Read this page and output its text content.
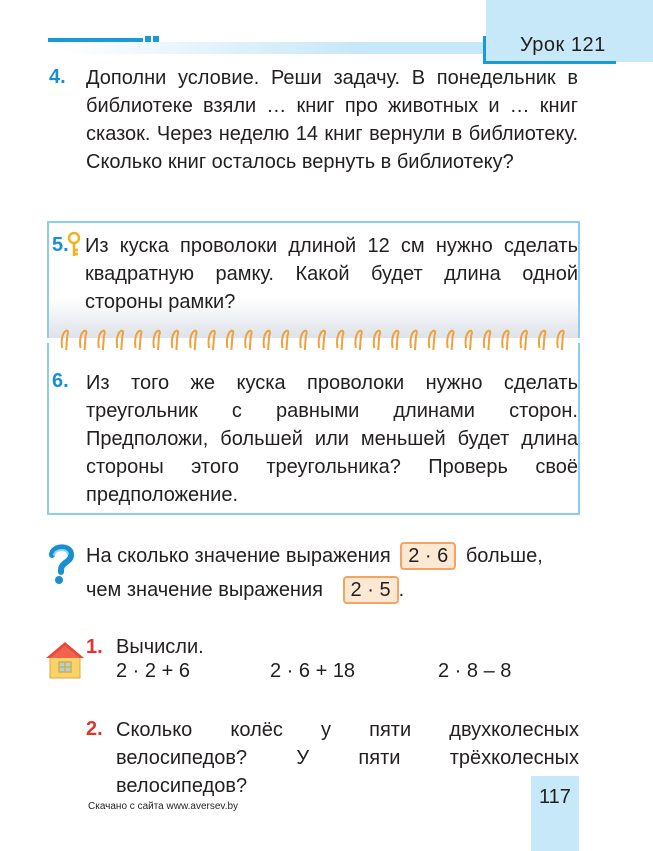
Урок 121
4. Дополни условие. Реши задачу. В понедельник в библиотеке взяли … книг про животных и … книг сказок. Через неделю 14 книг вернули в библиотеку. Сколько книг осталось вернуть в библиотеку?

5. Из куска проволоки длиной 12 см нужно сделать квадратную рамку. Какой будет длина одной стороны рамки?

6. Из того же куска проволоки нужно сделать треугольник с равными длинами сторон. Предположи, большей или меньшей будет длина стороны этого треугольника? Проверь своё предположение.

На сколько значение выражения 2 · 6 больше,
чем значение выражения 2 · 5 .
1. Вычисли.
2 · 2 + 6	2 · 6 + 18	2 · 8 – 8
2. Сколько колёс у пяти двухколесных велосипедов? У пяти трёхколесных велосипедов?	117
Скачано с сайта www.aversev.by
